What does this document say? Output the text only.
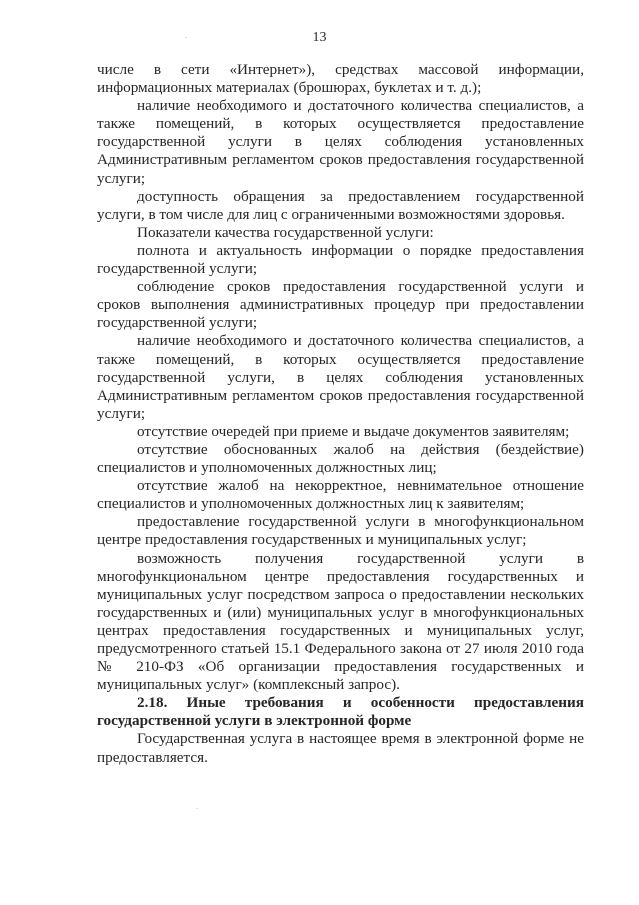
13

числе в сети «Интернет»), средствах массовой информации, информационных материалах (брошюрах, буклетах и т. д.);

наличие необходимого и достаточного количества специалистов, а также помещений, в которых осуществляется предоставление государственной услуги в целях соблюдения установленных Административным регламентом сроков предоставления государственной услуги;

доступность обращения за предоставлением государственной услуги, в том числе для лиц с ограниченными возможностями здоровья.

Показатели качества государственной услуги:

полнота и актуальность информации о порядке предоставления государственной услуги;

соблюдение сроков предоставления государственной услуги и сроков выполнения административных процедур при предоставлении государственной услуги;

наличие необходимого и достаточного количества специалистов, а также помещений, в которых осуществляется предоставление государственной услуги, в целях соблюдения установленных Административным регламентом сроков предоставления государственной услуги;

отсутствие очередей при приеме и выдаче документов заявителям;

отсутствие обоснованных жалоб на действия (бездействие) специалистов и уполномоченных должностных лиц;

отсутствие жалоб на некорректное, невнимательное отношение специалистов и уполномоченных должностных лиц к заявителям;

предоставление государственной услуги в многофункциональном центре предоставления государственных и муниципальных услуг;

возможность получения государственной услуги в многофункциональном центре предоставления государственных и муниципальных услуг посредством запроса о предоставлении нескольких государственных и (или) муниципальных услуг в многофункциональных центрах предоставления государственных и муниципальных услуг, предусмотренного статьей 15.1 Федерального закона от 27 июля 2010 года № 210-ФЗ «Об организации предоставления государственных и муниципальных услуг» (комплексный запрос).

2.18. Иные требования и особенности предоставления государственной услуги в электронной форме

Государственная услуга в настоящее время в электронной форме не предоставляется.
